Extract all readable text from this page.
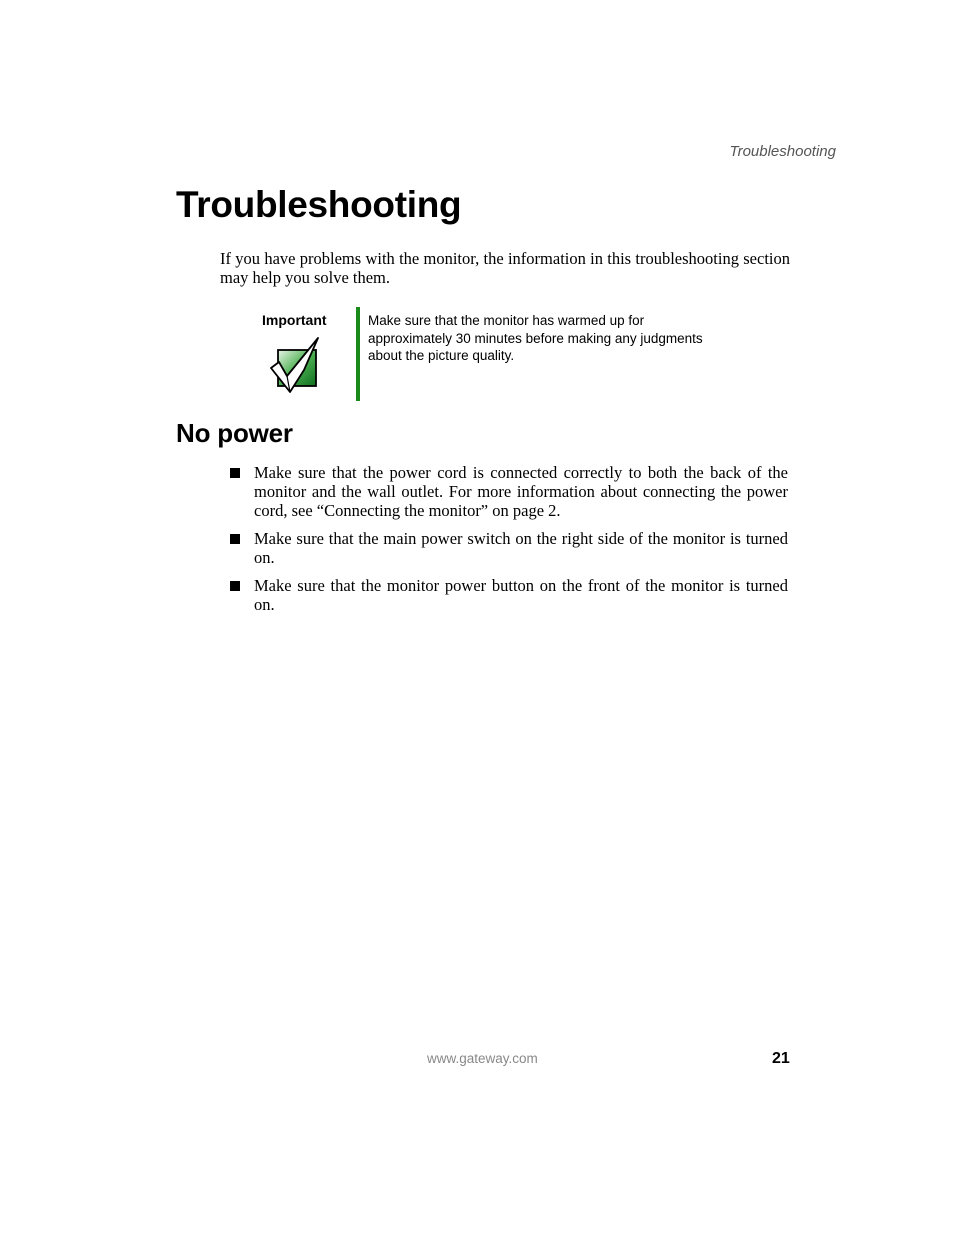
Troubleshooting
Troubleshooting

If you have problems with the monitor, the information in this troubleshooting section may help you solve them.

Important	Make sure that the monitor has warmed up for approximately 30 minutes before making any judgments about the picture quality.

No power
Make sure that the power cord is connected correctly to both the back of the monitor and the wall outlet. For more information about connecting the power cord, see “Connecting the monitor” on page 2.
Make sure that the main power switch on the right side of the monitor is turned on.
Make sure that the monitor power button on the front of the monitor is turned on.
www.gateway.com	21
